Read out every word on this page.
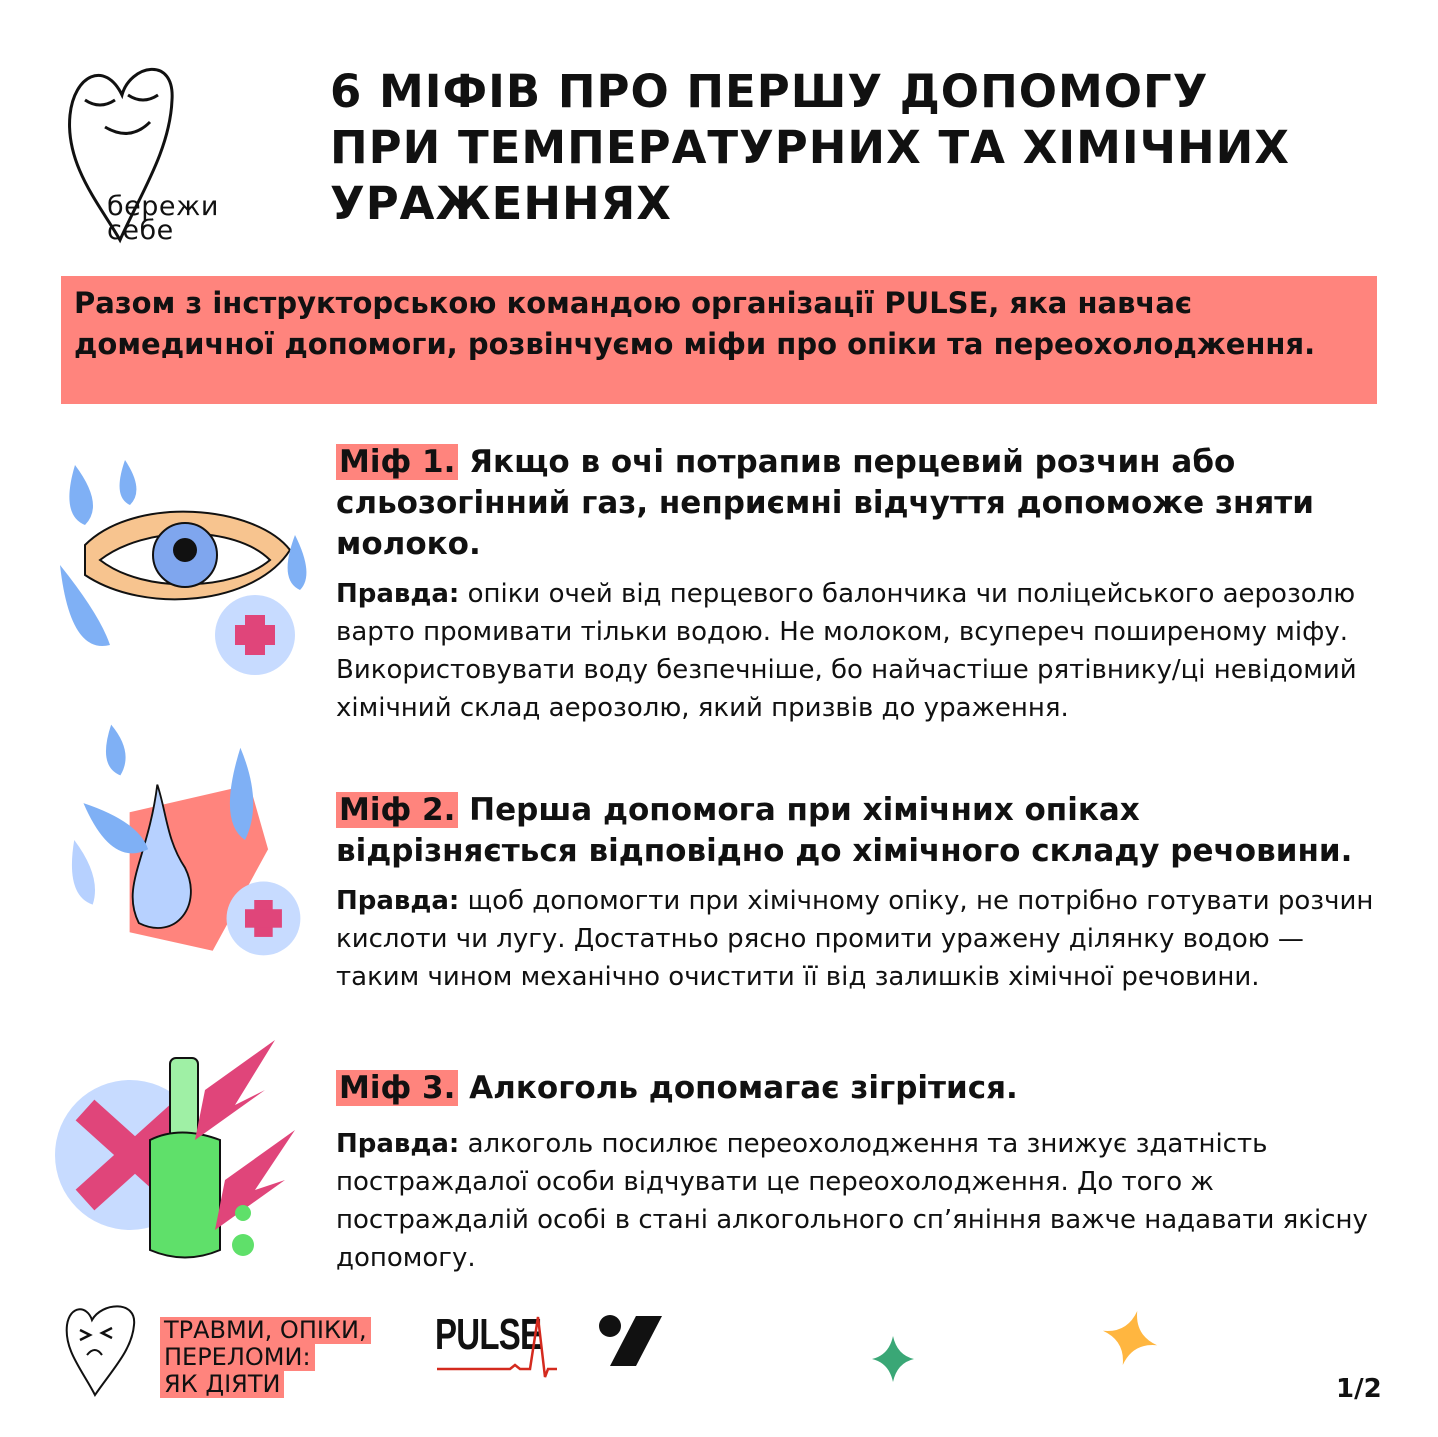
бережи
себе
6 МІФІВ ПРО ПЕРШУ ДОПОМОГУ ПРИ ТЕМПЕРАТУРНИХ ТА ХІМІЧНИХ УРАЖЕННЯХ
Разом з інструкторською командою організації PULSE, яка навчає домедичної допомоги, розвінчуємо міфи про опіки та переохолодження.
Міф 1. Якщо в очі потрапив перцевий розчин або сльозогінний газ, неприємні відчуття допоможе зняти молоко.

Правда: опіки очей від перцевого балончика чи поліцейського аерозолю варто промивати тільки водою. Не молоком, всупереч поширеному міфу. Використовувати воду безпечніше, бо найчастіше рятівнику/ці невідомий хімічний склад аерозолю, який призвів до ураження.

Міф 2. Перша допомога при хімічних опіках відрізняється відповідно до хімічного складу речовини.

Правда: щоб допомогти при хімічному опіку, не потрібно готувати розчин кислоти чи лугу. Достатньо рясно промити уражену ділянку водою — таким чином механічно очистити її від залишків хімічної речовини.

Міф 3. Алкоголь допомагає зігрітися.

Правда: алкоголь посилює переохолодження та знижує здатність постраждалої особи відчувати це переохолодження. До того ж постраждалій особі в стані алкогольного сп’яніння важче надавати якісну допомогу.

ТРАВМИ, ОПІКИ,
ПЕРЕЛОМИ:
ЯК ДІЯТИ
PULSE
1/2
